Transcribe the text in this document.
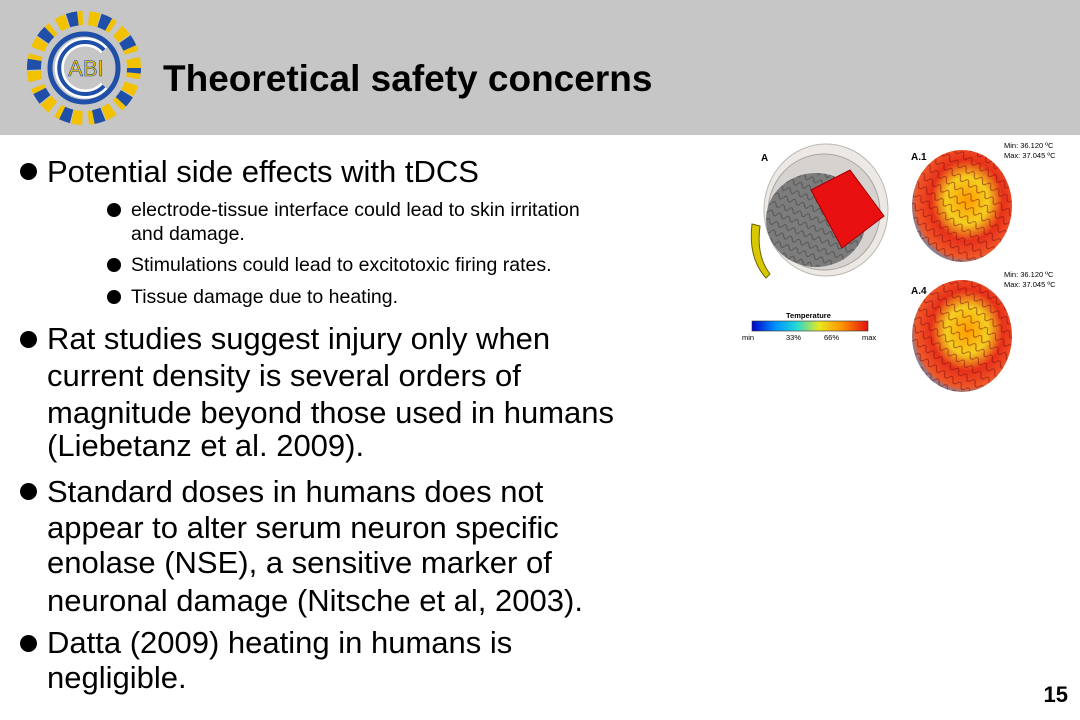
ABI Theoretical safety concerns
Potential side effects with tDCS
electrode-tissue interface could lead to skin irritation
and damage.
Stimulations could lead to excitotoxic firing rates.
Tissue damage due to heating.
Rat studies suggest injury only when
current density is several orders of
magnitude beyond those used in humans
(Liebetanz et al. 2009).
Standard doses in humans does not
appear to alter serum neuron specific
enolase (NSE), a sensitive marker of
neuronal damage (Nitsche et al, 2003).
Datta (2009) heating in humans is
negligible.
A	A.1
Min: 36.120 ºC
Max: 37.045 ºC
A.4
Min: 36.120 ºC
Max: 37.045 ºC
Temperature
min	33%	66%	max
15
